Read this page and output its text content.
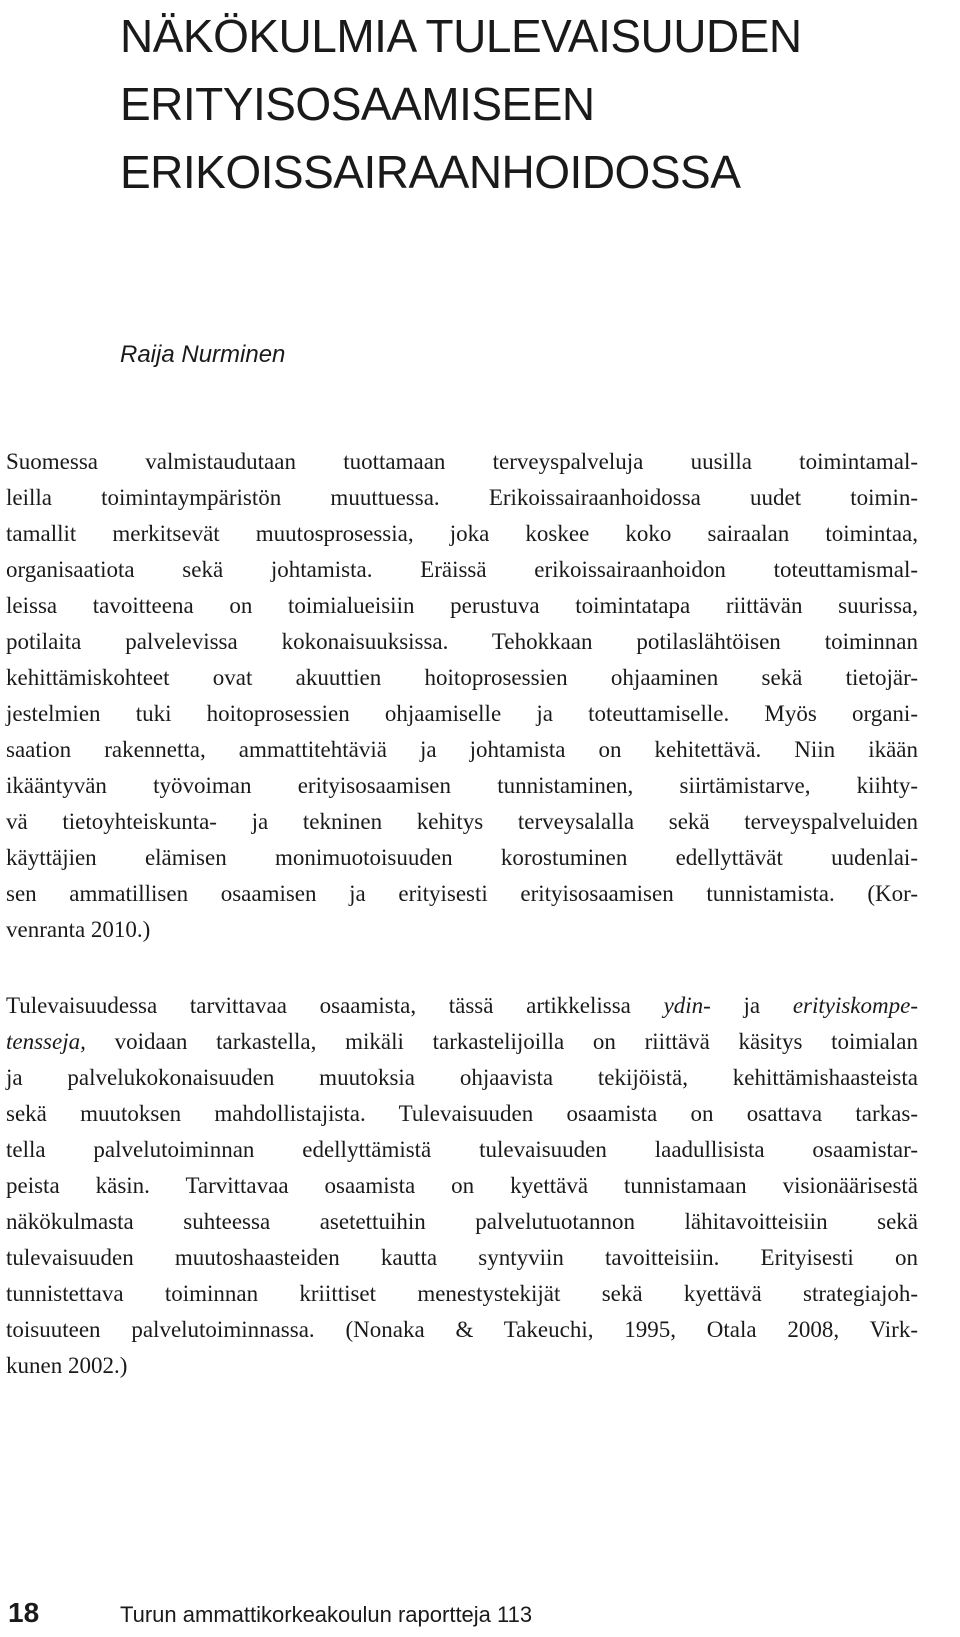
NÄKÖKULMIA TULEVAISUUDEN
ERITYISOSAAMISEEN
ERIKOISSAIRAANHOIDOSSA
Raija Nurminen

Suomessa valmistaudutaan tuottamaan terveyspalveluja uusilla toimintamal-
leilla toimintaympäristön muuttuessa. Erikoissairaanhoidossa uudet toimin-
tamallit merkitsevät muutosprosessia, joka koskee koko sairaalan toimintaa,
organisaatiota sekä johtamista. Eräissä erikoissairaanhoidon toteuttamismal-
leissa tavoitteena on toimialueisiin perustuva toimintatapa riittävän suurissa,
potilaita palvelevissa kokonaisuuksissa. Tehokkaan potilaslähtöisen toiminnan
kehittämiskohteet ovat akuuttien hoitoprosessien ohjaaminen sekä tietojär-
jestelmien tuki hoitoprosessien ohjaamiselle ja toteuttamiselle. Myös organi-
saation rakennetta, ammattitehtäviä ja johtamista on kehitettävä. Niin ikään
ikääntyvän työvoiman erityisosaamisen tunnistaminen, siirtämistarve, kiihty-
vä tietoyhteiskunta- ja tekninen kehitys terveysalalla sekä terveyspalveluiden
käyttäjien elämisen monimuotoisuuden korostuminen edellyttävät uudenlai-
sen ammatillisen osaamisen ja erityisesti erityisosaamisen tunnistamista. (Kor-
venranta 2010.)

Tulevaisuudessa tarvittavaa osaamista, tässä artikkelissa ydin- ja erityiskompe-
tensseja, voidaan tarkastella, mikäli tarkastelijoilla on riittävä käsitys toimialan
ja palvelukokonaisuuden muutoksia ohjaavista tekijöistä, kehittämishaasteista
sekä muutoksen mahdollistajista. Tulevaisuuden osaamista on osattava tarkas-
tella palvelutoiminnan edellyttämistä tulevaisuuden laadullisista osaamistar-
peista käsin. Tarvittavaa osaamista on kyettävä tunnistamaan visionäärisestä
näkökulmasta suhteessa asetettuihin palvelutuotannon lähitavoitteisiin sekä
tulevaisuuden muutoshaasteiden kautta syntyviin tavoitteisiin. Erityisesti on
tunnistettava toiminnan kriittiset menestystekijät sekä kyettävä strategiajoh-
toisuuteen palvelutoiminnassa. (Nonaka & Takeuchi, 1995, Otala 2008, Virk-
kunen 2002.)

18	Turun ammattikorkeakoulun raportteja 113
